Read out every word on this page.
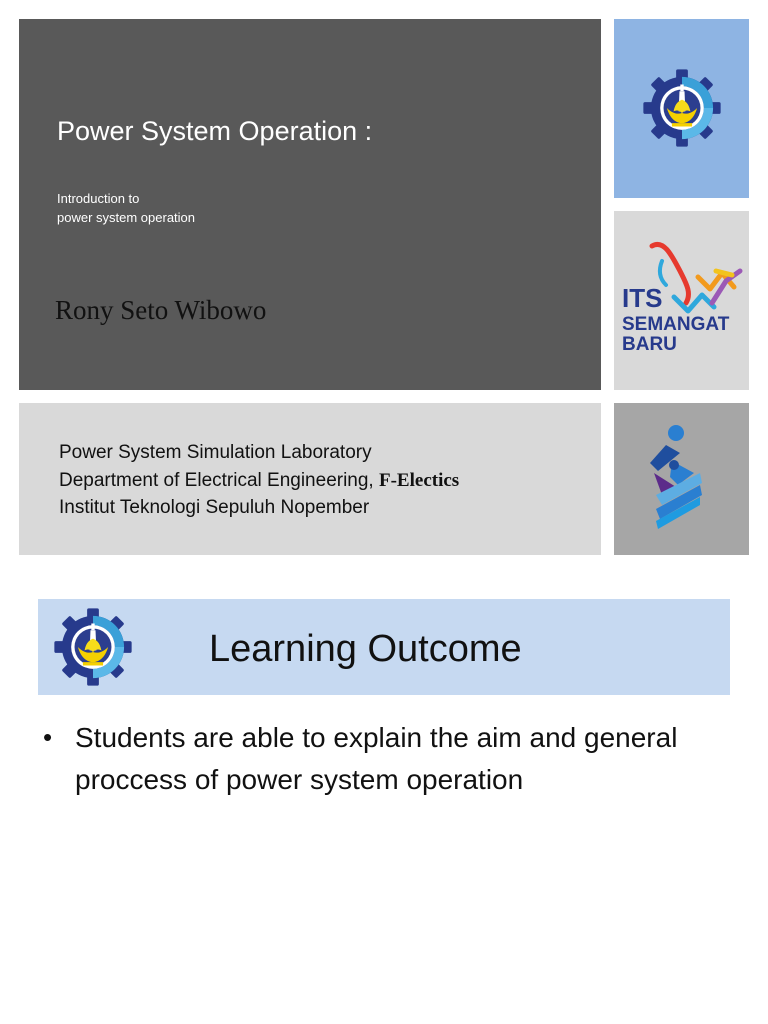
Power System Operation :
Introduction to
power system operation
Rony Seto Wibowo
Power System Simulation Laboratory
Department of Electrical Engineering, F-Electics
Institut Teknologi Sepuluh Nopember
ITS
SEMANGAT
BARU
Learning Outcome
• Students are able to explain the aim and general proccess of power system operation
